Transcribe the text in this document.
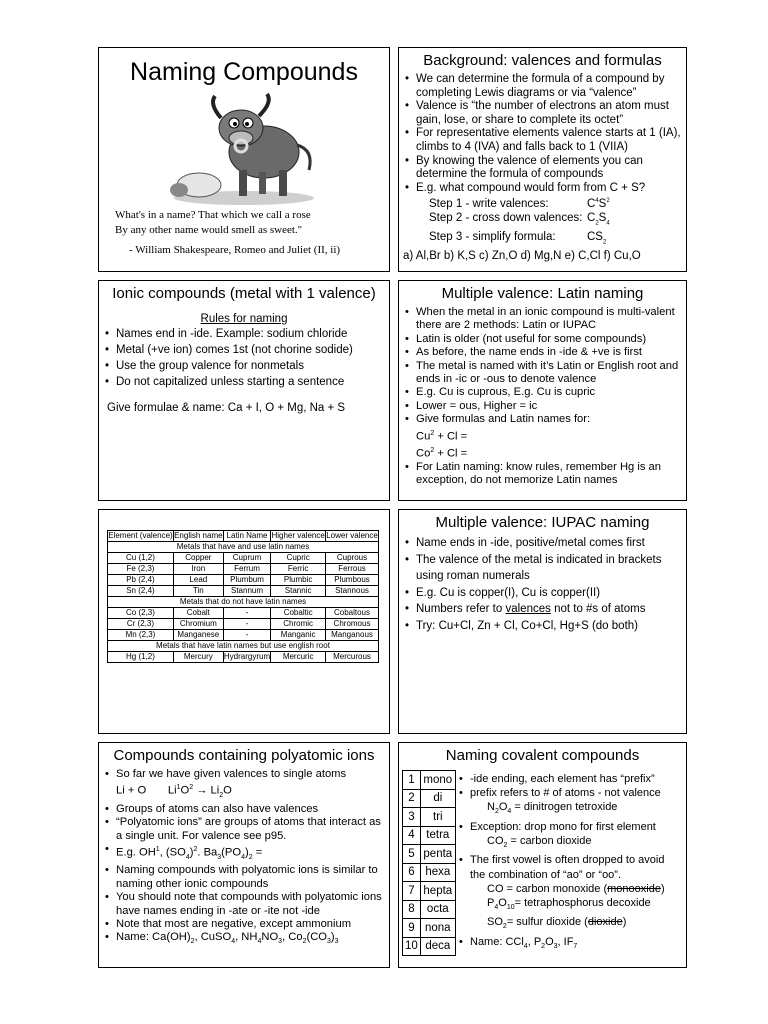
Naming Compounds
What's in a name? That which we call a rose
By any other name would smell as sweet."
- William Shakespeare, Romeo and Juliet (II, ii)
Background: valences and formulas
• We can determine the formula of a compound by completing Lewis diagrams or via “valence”
• Valence is “the number of electrons an atom must gain, lose, or share to complete its octet”
• For representative elements valence starts at 1 (IA), climbs to 4 (IVA) and falls back to 1 (VIIA)
• By knowing the valence of elements you can determine the formula of compounds
• E.g. what compound would form from C + S?
Step 1 - write valences:	$C^4S^2$
Step 2 - cross down valences: $C_2S_4$
Step 3 - simplify formula:	$CS_2$
a) Al,Br b) K,S c) Zn,O d) Mg,N e) C,Cl f) Cu,O
Ionic compounds (metal with 1 valence)
Rules for naming
• Names end in -ide. Example: sodium chloride
• Metal (+ve ion) comes 1st (not chorine sodide)
• Use the group valence for nonmetals
• Do not capitalized unless starting a sentence
Give formulae & name: Ca + I, O + Mg, Na + S
Multiple valence: Latin naming
• When the metal in an ionic compound is multi-valent there are 2 methods: Latin or IUPAC
• Latin is older (not useful for some compounds)
• As before, the name ends in -ide & +ve is first
• The metal is named with it’s Latin or English root and ends in -ic or -ous to denote valence
• E.g. Cu is cuprous, E.g. Cu is cupric
• Lower = ous, Higher = ic
• Give formulas and Latin names for:
$Cu^2 + Cl$ =
$Co^2 + Cl$ =
• For Latin naming: know rules, remember Hg is an exception, do not memorize Latin names
Element (valence)	English name	Latin Name	Higher valence	Lower valence
Metals that have and use latin names				
Cu (1,2)	Copper	Cuprum	Cupric	Cuprous
Fe (2,3)	Iron	Ferrum	Ferric	Ferrous
Pb (2,4)	Lead	Plumbum	Plumbic	Plumbous
Sn (2,4)	Tin	Stannum	Stannic	Stannous
Metals that do not have latin names				
Co (2,3)	Cobalt	-	Cobaltic	Cobaltous
Cr (2,3)	Chromium	-	Chromic	Chromous
Mn (2,3)	Manganese	-	Manganic	Manganous
Metals that have latin names but use english root				
Hg (1,2)	Mercury	Hydrargyrum	Mercuric	Mercurous
Multiple valence: IUPAC naming
• Name ends in -ide, positive/metal comes first
• The valence of the metal is indicated in brackets using roman numerals
• E.g. Cu is copper(I), Cu is copper(II)
• Numbers refer to valences not to #s of atoms
• Try: Cu+Cl, Zn + Cl, Co+Cl, Hg+S (do both)
Compounds containing polyatomic ions
• So far we have given valences to single atoms
Li + O       $Li^1O^2 \to Li_2O$
• Groups of atoms can also have valences
• “Polyatomic ions” are groups of atoms that interact as a single unit. For valence see p95.
• E.g. $OH^1$, $(SO_4)^2$. $Ba_3(PO_4)_2$ =
• Naming compounds with polyatomic ions is similar to naming other ionic compounds
• You should note that compounds with polyatomic ions have names ending in -ate or -ite not -ide
• Note that most are negative, except ammonium
• Name: $Ca(OH)_2$, CuSO$_4$, $NH_4NO_3$, $Co_2(CO_3)_3$
Naming covalent compounds
1	mono
2	di
3	tri
4	tetra
5	penta
6	hexa
7	hepta
8	octa
9	nona
10	deca
• -ide ending, each element has “prefix”
• prefix refers to # of atoms - not valence
$N_2O_4$ = dinitrogen tetroxide
• Exception: drop mono for first element
$CO_2$ = carbon dioxide
• The first vowel is often dropped to avoid the combination of “ao” or “oo”.
CO = carbon monoxide (monooxide)
$P_4O_{10}=$ tetraphosphorus decoxide
$SO_2=$ sulfur dioxide (dioxide)
• Name: CCl$_4$, $P_2O_3$, $IF_7$
